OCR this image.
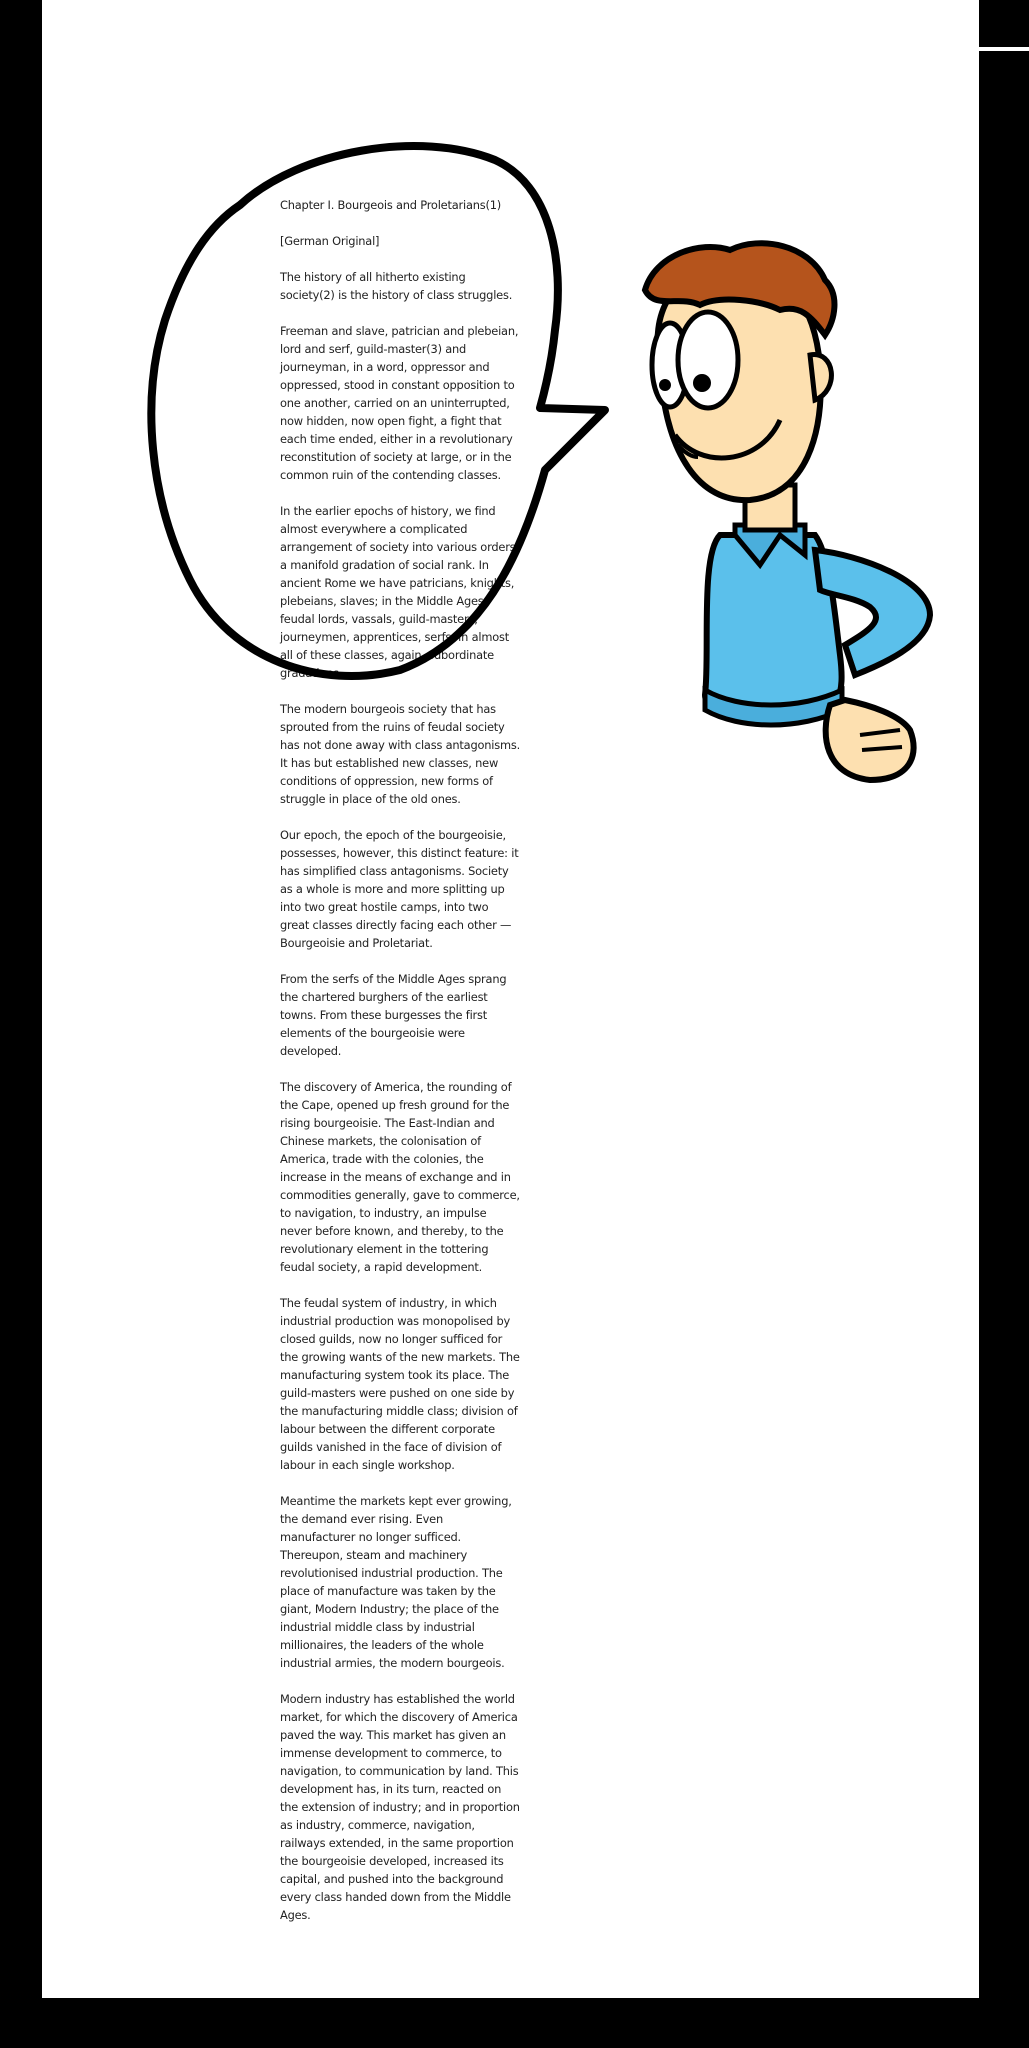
Chapter I. Bourgeois and Proletarians(1)

[German Original]

The history of all hitherto existing society(2) is the history of class struggles.

Freeman and slave, patrician and plebeian, lord and serf, guild-master(3) and journeyman, in a word, oppressor and oppressed, stood in constant opposition to one another, carried on an uninterrupted, now hidden, now open fight, a fight that each time ended, either in a revolutionary reconstitution of society at large, or in the common ruin of the contending classes.

In the earlier epochs of history, we find almost everywhere a complicated arrangement of society into various orders, a manifold gradation of social rank. In ancient Rome we have patricians, knights, plebeians, slaves; in the Middle Ages, feudal lords, vassals, guild-masters, journeymen, apprentices, serfs; in almost all of these classes, again, subordinate gradations.

The modern bourgeois society that has sprouted from the ruins of feudal society has not done away with class antagonisms. It has but established new classes, new conditions of oppression, new forms of struggle in place of the old ones.

Our epoch, the epoch of the bourgeoisie, possesses, however, this distinct feature: it has simplified class antagonisms. Society as a whole is more and more splitting up into two great hostile camps, into two great classes directly facing each other — Bourgeoisie and Proletariat.

From the serfs of the Middle Ages sprang the chartered burghers of the earliest towns. From these burgesses the first elements of the bourgeoisie were developed.

The discovery of America, the rounding of the Cape, opened up fresh ground for the rising bourgeoisie. The East-Indian and Chinese markets, the colonisation of America, trade with the colonies, the increase in the means of exchange and in commodities generally, gave to commerce, to navigation, to industry, an impulse never before known, and thereby, to the revolutionary element in the tottering feudal society, a rapid development.

The feudal system of industry, in which industrial production was monopolised by closed guilds, now no longer sufficed for the growing wants of the new markets. The manufacturing system took its place. The guild-masters were pushed on one side by the manufacturing middle class; division of labour between the different corporate guilds vanished in the face of division of labour in each single workshop.

Meantime the markets kept ever growing, the demand ever rising. Even manufacturer no longer sufficed. Thereupon, steam and machinery revolutionised industrial production. The place of manufacture was taken by the giant, Modern Industry; the place of the industrial middle class by industrial millionaires, the leaders of the whole industrial armies, the modern bourgeois.

Modern industry has established the world market, for which the discovery of America paved the way. This market has given an immense development to commerce, to navigation, to communication by land. This development has, in its turn, reacted on the extension of industry; and in proportion as industry, commerce, navigation, railways extended, in the same proportion the bourgeoisie developed, increased its capital, and pushed into the background every class handed down from the Middle Ages.
